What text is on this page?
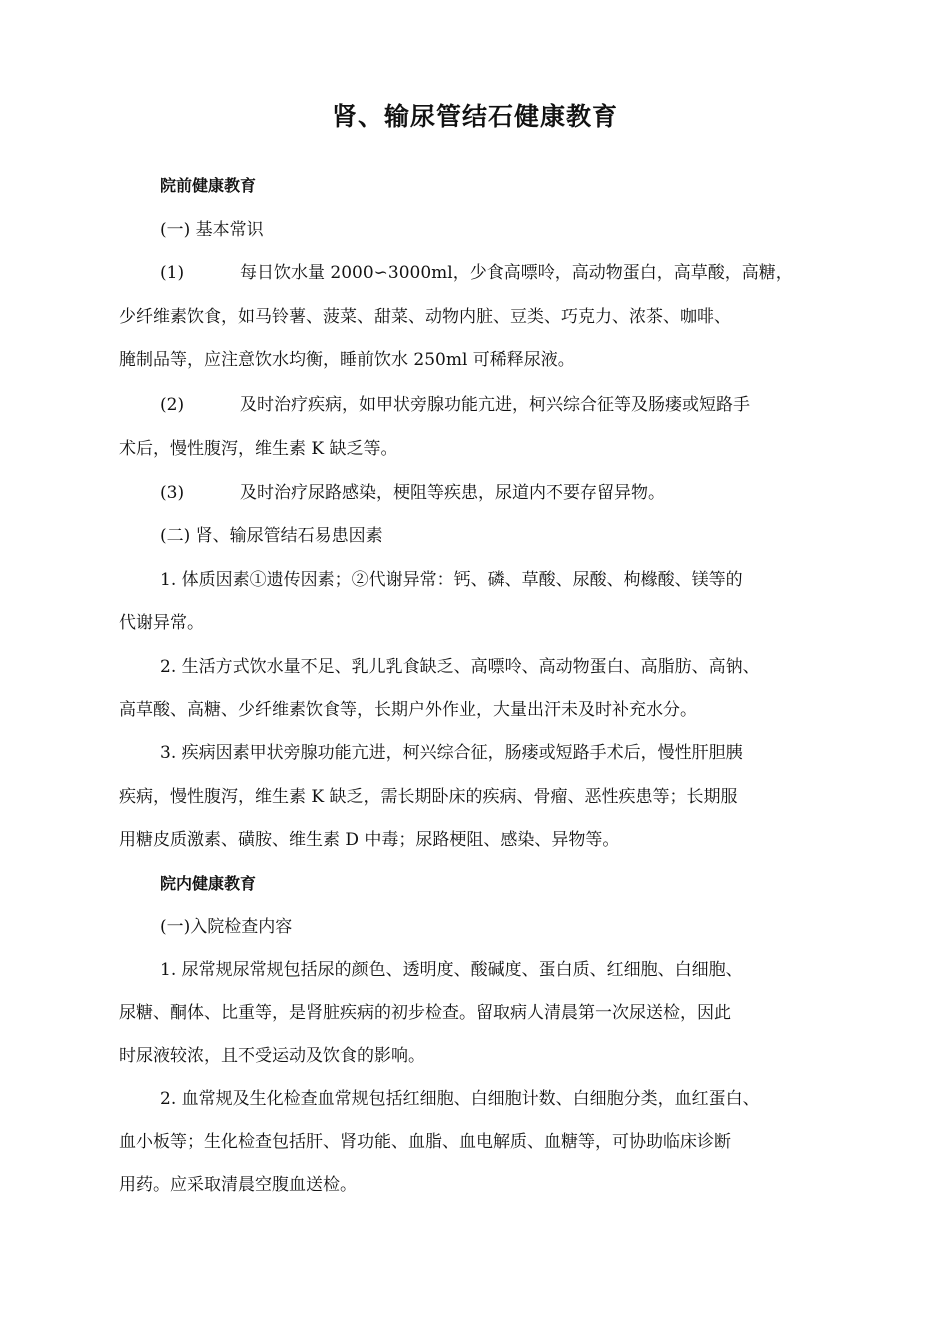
肾、输尿管结石健康教育
院前健康教育
(一) 基本常识
(1)	每日饮水量 2000∽3000ml，少食高嘌呤，高动物蛋白，高草酸，高糖，
少纤维素饮食，如马铃薯、菠菜、甜菜、动物内脏、豆类、巧克力、浓茶、咖啡、
腌制品等，应注意饮水均衡，睡前饮水 250ml 可稀释尿液。
(2)	及时治疗疾病，如甲状旁腺功能亢进，柯兴综合征等及肠瘘或短路手
术后，慢性腹泻，维生素 K 缺乏等。
(3)	及时治疗尿路感染，梗阻等疾患，尿道内不要存留异物。
(二) 肾、输尿管结石易患因素
1. 体质因素①遗传因素；②代谢异常：钙、磷、草酸、尿酸、枸橼酸、镁等的
代谢异常。
2. 生活方式饮水量不足、乳儿乳食缺乏、高嘌呤、高动物蛋白、高脂肪、高钠、
高草酸、高糖、少纤维素饮食等，长期户外作业，大量出汗未及时补充水分。
3. 疾病因素甲状旁腺功能亢进，柯兴综合征，肠瘘或短路手术后，慢性肝胆胰
疾病，慢性腹泻，维生素 K 缺乏，需长期卧床的疾病、骨瘤、恶性疾患等；长期服
用糖皮质激素、磺胺、维生素 D 中毒；尿路梗阻、感染、异物等。
院内健康教育
(一)入院检查内容
1. 尿常规尿常规包括尿的颜色、透明度、酸碱度、蛋白质、红细胞、白细胞、
尿糖、酮体、比重等，是肾脏疾病的初步检查。留取病人清晨第一次尿送检，因此
时尿液较浓，且不受运动及饮食的影响。
2. 血常规及生化检查血常规包括红细胞、白细胞计数、白细胞分类，血红蛋白、
血小板等；生化检查包括肝、肾功能、血脂、血电解质、血糖等，可协助临床诊断
用药。应采取清晨空腹血送检。
